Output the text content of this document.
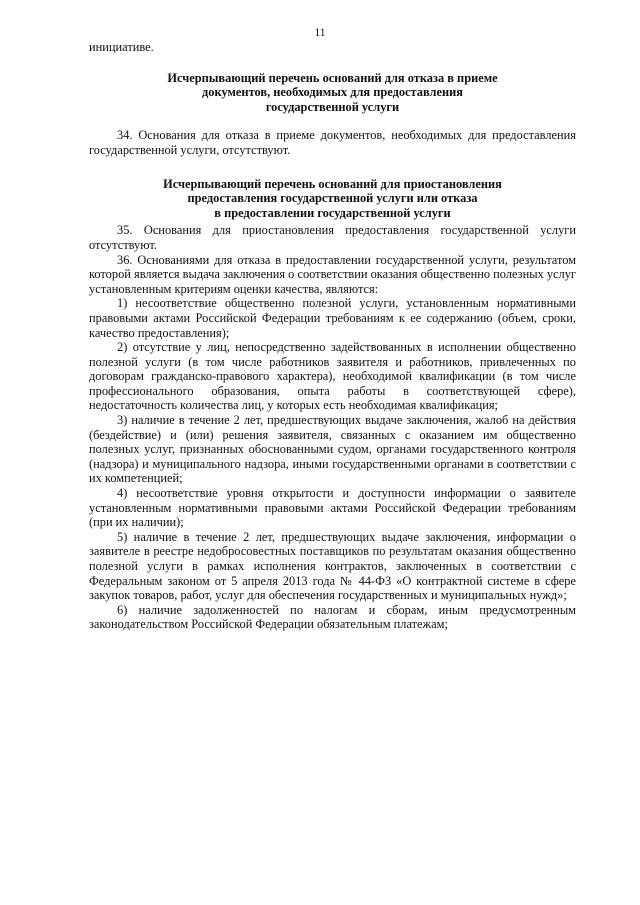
11

инициативе.

Исчерпывающий перечень оснований для отказа в приеме

документов, необходимых для предоставления

государственной услуги

34. Основания для отказа в приеме документов, необходимых для предоставления государственной услуги, отсутствуют.

Исчерпывающий перечень оснований для приостановления

предоставления государственной услуги или отказа

в предоставлении государственной услуги

35. Основания для приостановления предоставления государственной услуги отсутствуют.

36. Основаниями для отказа в предоставлении государственной услуги, результатом которой является выдача заключения о соответствии оказания общественно полезных услуг установленным критериям оценки качества, являются:

1) несоответствие общественно полезной услуги, установленным нормативными правовыми актами Российской Федерации требованиям к ее содержанию (объем, сроки, качество предоставления);

2) отсутствие у лиц, непосредственно задействованных в исполнении общественно полезной услуги (в том числе работников заявителя и работников, привлеченных по договорам гражданско-правового характера), необходимой квалификации (в том числе профессионального образования, опыта работы в соответствующей сфере), недостаточность количества лиц, у которых есть необходимая квалификация;

3) наличие в течение 2 лет, предшествующих выдаче заключения, жалоб на действия (бездействие) и (или) решения заявителя, связанных с оказанием им общественно полезных услуг, признанных обоснованными судом, органами государственного контроля (надзора) и муниципального надзора, иными государственными органами в соответствии с их компетенцией;

4) несоответствие уровня открытости и доступности информации о заявителе установленным нормативными правовыми актами Российской Федерации требованиям (при их наличии);

5) наличие в течение 2 лет, предшествующих выдаче заключения, информации о заявителе в реестре недобросовестных поставщиков по результатам оказания общественно полезной услуги в рамках исполнения контрактов, заключенных в соответствии с Федеральным законом от 5 апреля 2013 года № 44-ФЗ «О контрактной системе в сфере закупок товаров, работ, услуг для обеспечения государственных и муниципальных нужд»;

6) наличие задолженностей по налогам и сборам, иным предусмотренным законодательством Российской Федерации обязательным платежам;
